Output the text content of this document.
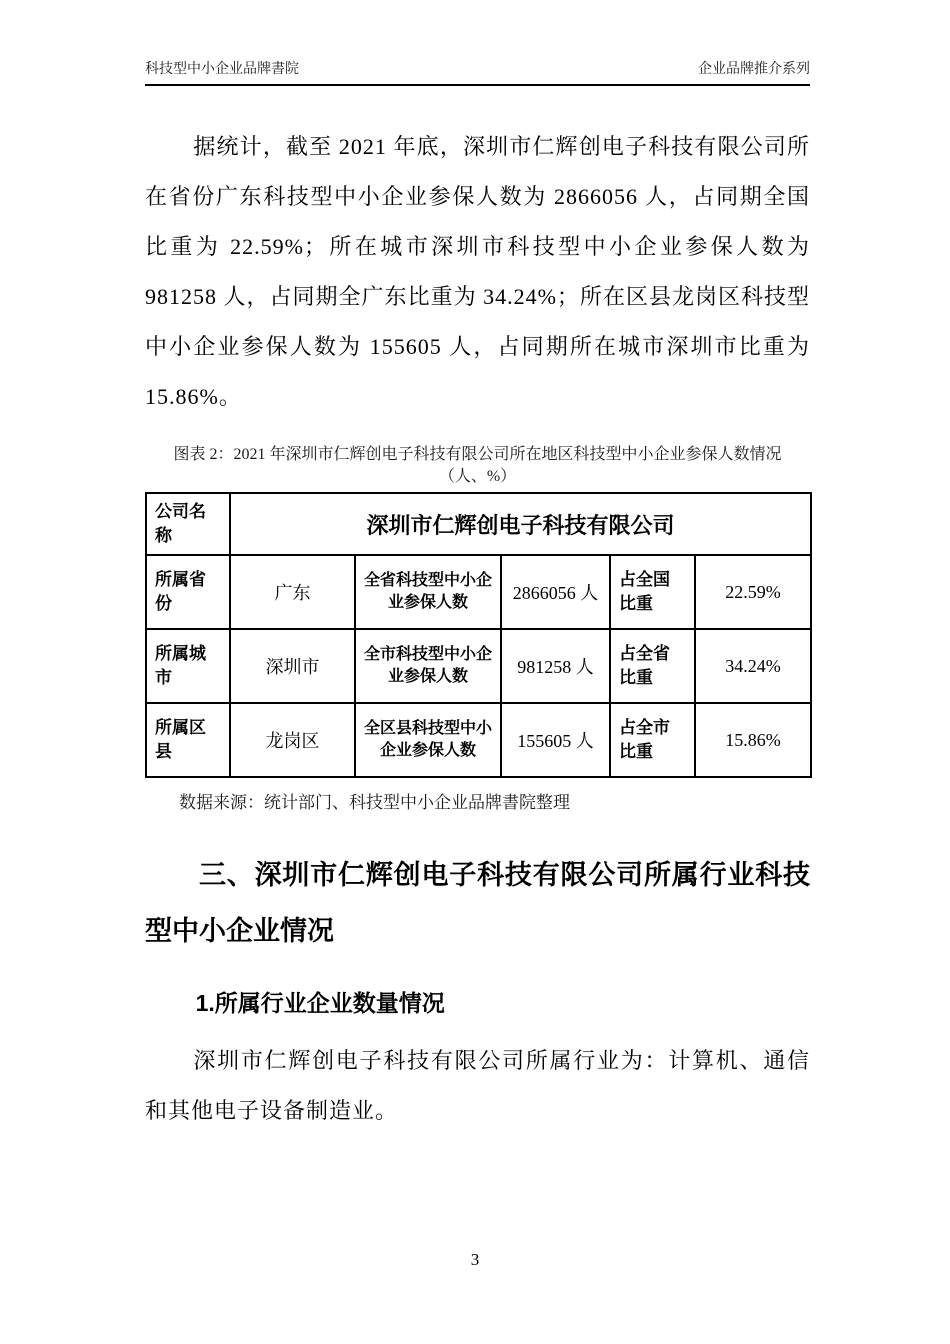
科技型中小企业品牌書院	企业品牌推介系列

据统计，截至 2021 年底，深圳市仁辉创电子科技有限公司所在省份广东科技型中小企业参保人数为 2866056 人，占同期全国比重为 22.59%；所在城市深圳市科技型中小企业参保人数为 981258 人，占同期全广东比重为 34.24%；所在区县龙岗区科技型中小企业参保人数为 155605 人，占同期所在城市深圳市比重为 15.86%。

图表 2：2021 年深圳市仁辉创电子科技有限公司所在地区科技型中小企业参保人数情况
（人、%）
公司名称	深圳市仁辉创电子科技有限公司				
所属省份	广东	全省科技型中小企业参保人数	2866056 人	占全国比重	22.59%
所属城市	深圳市	全市科技型中小企业参保人数	981258 人	占全省比重	34.24%
所属区县	龙岗区	全区县科技型中小企业参保人数	155605 人	占全市比重	15.86%

数据来源：统计部门、科技型中小企业品牌書院整理

三、深圳市仁辉创电子科技有限公司所属行业科技型中小企业情况
1.所属行业企业数量情况

深圳市仁辉创电子科技有限公司所属行业为：计算机、通信和其他电子设备制造业。

3
